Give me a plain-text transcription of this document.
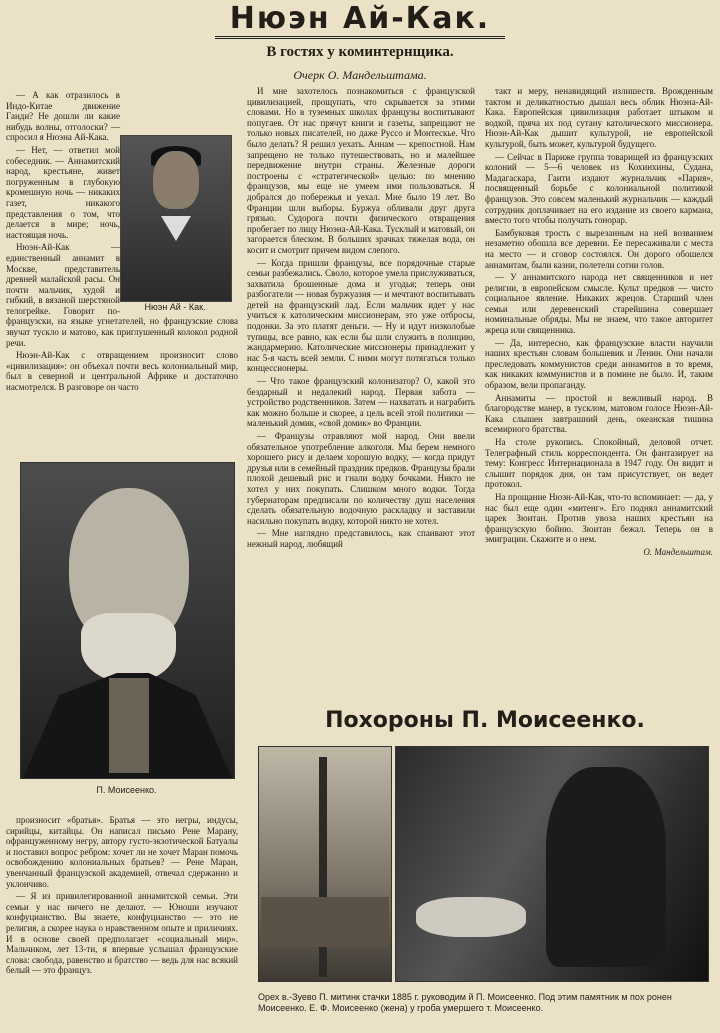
Нюэн Ай-Как.
В гостях у коминтернщика.
Очерк О. Мандельштама.

— А как отразилось в Индо-Китае движение Ганди? Не дошли ли какие нибудь волны, отголоски? — спросил я Нюэна Ай-Кака.

— Нет, — ответил мой собеседник. — Аннамитский народ, крестьяне, живет погруженным в глубокую кромешную ночь — никаких газет, никакого представления о том, что делается в мире; ночь, настоящая ночь.

Нюэн-Ай-Как — единственный аннамит в Москве, представитель древней малайской расы. Он почти мальчик, худой и гибкий, в вязаной шерстяной телогрейке. Говорит по-французски, на языке угнетателей, но французские слова звучат тускло и матово, как приглушенный колокол родной речи.

Нюэн-Ай-Как с отвращением произносит слово «цивилизация»: он объехал почти весь колониальный мир, был в северной и центральной Африке и достаточно насмотрелся. В разговоре он часто

Нюэн Ай - Как.
П. Моисеенко.

произносит «братья». Братья — это негры, индусы, сирийцы, китайцы. Он написал письмо Рене Марану, офранцуженному негру, автору густо-экзотической Батуалы и поставил вопрос ребром: хочет ли не хочет Маран помочь освобождению колониальных братьев? — Рене Маран, увенчанный французской академией, отвечал сдержанно и уклончиво.

— Я из привилегированной аннамитской семьи. Эти семьи у нас ничего не делают. — Юноши изучают конфуцианство. Вы знаете, конфуцианство — это не религия, а скорее наука о нравственном опыте и приличиях. И в основе своей предполагает «социальный мир». Мальчиком, лет 13-ти, я впервые услышал французские слова: свобода, равенство и братство — ведь для нас всякий белый — это француз.

И мне захотелось познакомиться с французской цивилизацией, прощупать, что скрывается за этими словами. Но в туземных школах французы воспитывают попугаев. От нас прячут книги и газеты, запрещают не только новых писателей, но даже Руссо и Монтескье. Что было делать? Я решил уехать. Аннам — крепостной. Нам запрещено не только путешествовать, но и малейшее передвижение внутри страны. Железные дороги построены с «стратегической» целью: по мнению французов, мы еще не умеем ими пользоваться. Я добрался до побережья и уехал. Мне было 19 лет. Во Франции шли выборы. Буржуа обливали друг друга грязью. Судорога почти физического отвращения пробегает по лицу Нюэна-Ай-Кака. Тусклый и матовый, он загорается блеском. В больших зрачках тяжелая вода, он косит и смотрит причем видом слепого.

— Когда пришли французы, все порядочные старые семьи разбежались. Своло, которое умела прислуживаться, захватила брошенные дома и угодья; теперь они разбогатели — новая буржуазия — и мечтают воспитывать детей на французский лад. Если мальчик идет у нас учиться к католическим миссионерам, это уже отбросы, подонки. За это платят деньги. — Ну и идут низколобые тупицы, все равно, как если бы шли служить в полицию, жандармерию. Католические миссионеры принадлежит у нас 5-я часть всей земли. С ними могут потягаться только концессионеры.

— Что такое французский колонизатор? О, какой это бездарный и недалекий народ. Первая забота — устройство родственников. Затем — нахватать и награбить как можно больше и скорее, а цель всей этой политики — маленький домик, «свой домик» во Франции.

— Французы отравляют мой народ. Они ввели обязательное употребление алкоголя. Мы берем немного хорошего рису и делаем хорошую водку, — когда придут друзья или в семейный праздник предков. Французы брали плохой дешевый рис и гнали водку бочками. Никто не хотел у них покупать. Слишком много водки. Тогда губернаторам предписали по количеству душ населения сделать обязательную водочную раскладку и заставили насильно покупать водку, которой никто не хотел.

— Мне наглядно представилось, как спаивают этот нежный народ, любящий

такт и меру, ненавидящий излишеств. Врожденным тактом и деликатностью дышал весь облик Нюэна-Ай-Кака. Европейская цивилизация работает штыком и водкой, пряча их под сутану католического миссионера. Нюэн-Ай-Как дышит культурой, не европейской культурой, быть может, культурой будущего.

— Сейчас в Париже группа товарищей из французских колоний — 5—6 человек из Кохинхины, Судана, Мадагаскара, Гаити издают журнальчик «Пария», посвященный борьбе с колониальной политикой французов. Это совсем маленький журнальчик — каждый сотрудник доплачивает на его издание из своего кармана, вместо того чтобы получать гонорар.

Бамбуковая трость с вырезанным на ней возванием незаметно обошла все деревни. Ее пересаживали с места на место — и сговор состоялся. Он дорого обошелся аннамитам, были казни, полетели сотни голов.

— У аннамитского народа нет священников и нет религии, в европейском смысле. Культ предков — чисто социальное явление. Никаких жрецов. Старший член семьи или деревенский старейшина совершает номинальные обряды. Мы не знаем, что такое авторитет жреца или священника.

— Да, интересно, как французские власти научили наших крестьян словам большевик и Ленин. Они начали преследовать коммунистов среди аннамитов в то время, как никаких коммунистов и в помине не было. И, таким образом, вели пропаганду.

Аннамиты — простой и вежливый народ. В благородстве манер, в тусклом, матовом голосе Нюэн-Ай-Кака слышен завтрашний день, океанская тишина всемирного братства.

На столе рукопись. Спокойный, деловой отчет. Телеграфный стиль корреспондента. Он фантазирует на тему: Конгресс Интернационала в 1947 году. Он видит и слышит порядок дня, он там присутствует, он ведет протокол.

На прощание Нюэн-Ай-Как, что-то вспоминает: — да, у нас был еще один «митенг». Его поднял аннамитский царек Зюитан. Против увоза наших крестьян на французскую бойню. Зюитан бежал. Теперь он в эмиграции. Скажите и о нем.

О. Мандельштам.
Похороны П. Моисеенко.
Орех в.-Зуево П. митинк стачки 1885 г. руководим й П. Моисеенко. Под этим памятник м пох ронен Моисеенко. Е. Ф. Моисеенко (жена) у гроба умершего т. Моисеенко.
